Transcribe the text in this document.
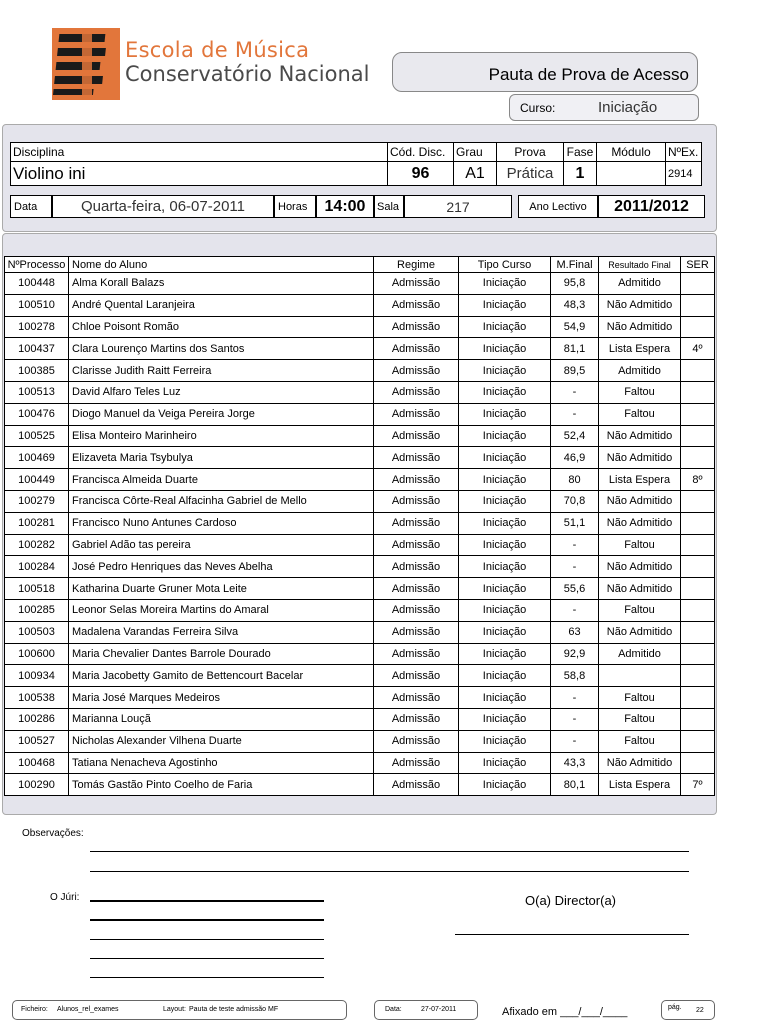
Escola de Música
Conservatório Nacional	Pauta de Prova de Acesso
Curso:	Iniciação
Disciplina	Cód. Disc.	Grau	Prova	Fase	Módulo	NºEx.
Violino ini	96	A1	Prática	1		2914
Data	Quarta-feira, 06-07-2011	Horas	14:00	Sala	217	Ano Lectivo	2011/2012
NºProcesso	Nome do Aluno	Regime	Tipo Curso	M.Final	Resultado Final	SER
100448	Alma Korall Balazs	Admissão	Iniciação	95,8	Admitido	
100510	André Quental Laranjeira	Admissão	Iniciação	48,3	Não Admitido	
100278	Chloe Poisont Romão	Admissão	Iniciação	54,9	Não Admitido	
100437	Clara Lourenço Martins dos Santos	Admissão	Iniciação	81,1	Lista Espera	4º
100385	Clarisse Judith Raitt Ferreira	Admissão	Iniciação	89,5	Admitido	
100513	David Alfaro Teles Luz	Admissão	Iniciação	-	Faltou	
100476	Diogo Manuel da Veiga Pereira Jorge	Admissão	Iniciação	-	Faltou	
100525	Elisa Monteiro Marinheiro	Admissão	Iniciação	52,4	Não Admitido	
100469	Elizaveta Maria Tsybulya	Admissão	Iniciação	46,9	Não Admitido	
100449	Francisca Almeida Duarte	Admissão	Iniciação	80	Lista Espera	8º
100279	Francisca Côrte-Real Alfacinha Gabriel de Mello	Admissão	Iniciação	70,8	Não Admitido	
100281	Francisco Nuno Antunes Cardoso	Admissão	Iniciação	51,1	Não Admitido	
100282	Gabriel Adão tas pereira	Admissão	Iniciação	-	Faltou	
100284	José Pedro Henriques das Neves Abelha	Admissão	Iniciação	-	Não Admitido	
100518	Katharina Duarte Gruner Mota Leite	Admissão	Iniciação	55,6	Não Admitido	
100285	Leonor Selas Moreira Martins do Amaral	Admissão	Iniciação	-	Faltou	
100503	Madalena Varandas Ferreira Silva	Admissão	Iniciação	63	Não Admitido	
100600	Maria Chevalier Dantes Barrole Dourado	Admissão	Iniciação	92,9	Admitido	
100934	Maria Jacobetty Gamito de Bettencourt Bacelar	Admissão	Iniciação	58,8		
100538	Maria José Marques Medeiros	Admissão	Iniciação	-	Faltou	
100286	Marianna Louçã	Admissão	Iniciação	-	Faltou	
100527	Nicholas Alexander Vilhena Duarte	Admissão	Iniciação	-	Faltou	
100468	Tatiana Nenacheva Agostinho	Admissão	Iniciação	43,3	Não Admitido	
100290	Tomás Gastão Pinto Coelho de Faria	Admissão	Iniciação	80,1	Lista Espera	7º
Observações:
O Júri:	O(a) Director(a)
Ficheiro: Alunos_rel_exames	Layout: Pauta de teste admissão MF	Data:	27-07-2011	Afixado em ___/___/____	pág. 22
